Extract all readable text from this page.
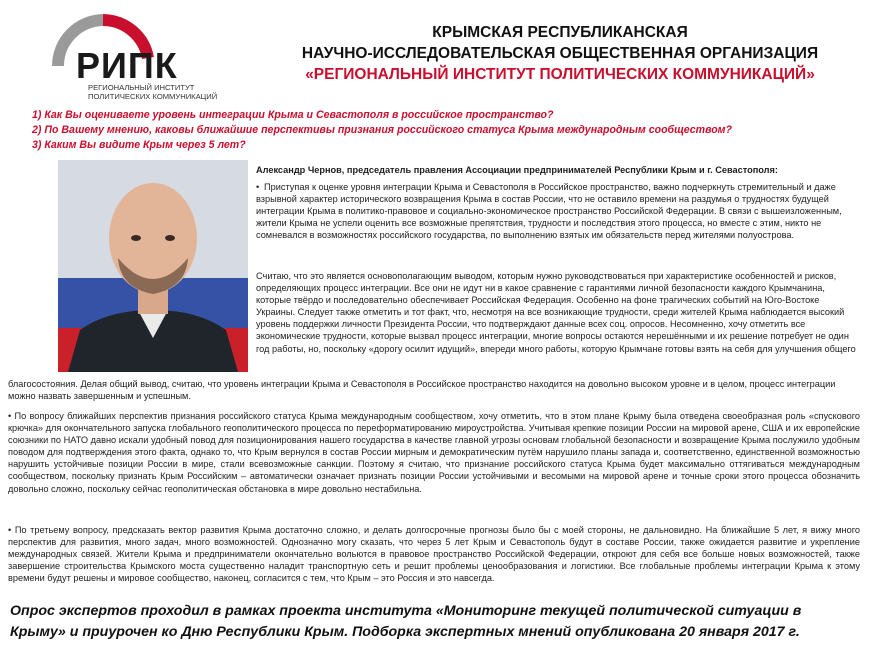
РИПК
РЕГИОНАЛЬНЫЙ ИНСТИТУТ ПОЛИТИЧЕСКИХ КОММУНИКАЦИЙ
КРЫМСКАЯ РЕСПУБЛИКАНСКАЯ
НАУЧНО-ИССЛЕДОВАТЕЛЬСКАЯ ОБЩЕСТВЕННАЯ ОРГАНИЗАЦИЯ
«РЕГИОНАЛЬНЫЙ ИНСТИТУТ ПОЛИТИЧЕСКИХ КОММУНИКАЦИЙ»
1) Как Вы оцениваете уровень интеграции Крыма и Севастополя в российское пространство?
2) По Вашему мнению, каковы ближайшие перспективы признания российского статуса Крыма международным сообществом?
3) Каким Вы видите Крым через 5 лет?
Александр Чернов, председатель правления Ассоциации предпринимателей Республики Крым и г. Севастополя:
• Приступая к оценке уровня интеграции Крыма и Севастополя в Российское пространство, важно подчеркнуть стремительный и даже взрывной характер исторического возвращения Крыма в состав России, что не оставило времени на раздумья о трудностях будущей интеграции Крыма в политико-правовое и социально-экономическое пространство Российской Федерации. В связи с вышеизложенным, жители Крыма не успели оценить все возможные препятствия, трудности и последствия этого процесса, но вместе с этим, никто не сомневался в возможностях российского государства, по выполнению взятых им обязательств перед жителями полуострова.
Считаю, что это является основополагающим выводом, которым нужно руководствоваться при характеристике особенностей и рисков, определяющих процесс интеграции. Все они не идут ни в какое сравнение с гарантиями личной безопасности каждого Крымчанина, которые твёрдо и последовательно обеспечивает Российская Федерация. Особенно на фоне трагических событий на Юго-Востоке Украины. Следует также отметить и тот факт, что, несмотря на все возникающие трудности, среди жителей Крыма наблюдается высокий уровень поддержки личности Президента России, что подтверждают данные всех соц. опросов. Несомненно, хочу отметить все экономические трудности, которые вызвал процесс интеграции, многие вопросы остаются нерешёнными и их решение потребует не один год работы, но, поскольку «дорогу осилит идущий», впереди много работы, которую Крымчане готовы взять на себя для улучшения общего
благосостояния. Делая общий вывод, считаю, что уровень интеграции Крыма и Севастополя в Российское пространство находится на довольно высоком уровне и в целом, процесс интеграции можно назвать завершенным и успешным.
• По вопросу ближайших перспектив признания российского статуса Крыма международным сообществом, хочу отметить, что в этом плане Крыму была отведена своеобразная роль «спускового крючка» для окончательного запуска глобального геополитического процесса по переформатированию мироустройства. Учитывая крепкие позиции России на мировой арене, США и их европейские союзники по НАТО давно искали удобный повод для позиционирования нашего государства в качестве главной угрозы основам глобальной безопасности и возвращение Крыма послужило удобным поводом для подтверждения этого факта, однако то, что Крым вернулся в состав России мирным и демократическим путём нарушило планы запада и, соответственно, единственной возможностью нарушить устойчивые позиции России в мире, стали всевозможные санкции. Поэтому я считаю, что признание российского статуса Крыма будет максимально оттягиваться международным сообществом, поскольку признать Крым Российским – автоматически означает признать позиции России устойчивыми и весомыми на мировой арене и точные сроки этого процесса обозначить довольно сложно, поскольку сейчас геополитическая обстановка в мире довольно нестабильна.
• По третьему вопросу, предсказать вектор развития Крыма достаточно сложно, и делать долгосрочные прогнозы было бы с моей стороны, не дальновидно. На ближайшие 5 лет, я вижу много перспектив для развития, много задач, много возможностей. Однозначно могу сказать, что через 5 лет Крым и Севастополь будут в составе России, также ожидается развитие и укрепление международных связей. Жители Крыма и предприниматели окончательно вольются в правовое пространство Российской Федерации, откроют для себя все больше новых возможностей, также завершение строительства Крымского моста существенно наладит транспортную сеть и решит проблемы ценообразования и логистики. Все глобальные проблемы интеграции Крыма к этому времени будут решены и мировое сообщество, наконец, согласится с тем, что Крым – это Россия и это навсегда.
Опрос экспертов проходил в рамках проекта института «Мониторинг текущей политической ситуации в Крыму» и приурочен ко Дню Республики Крым. Подборка экспертных мнений опубликована 20 января 2017 г.
